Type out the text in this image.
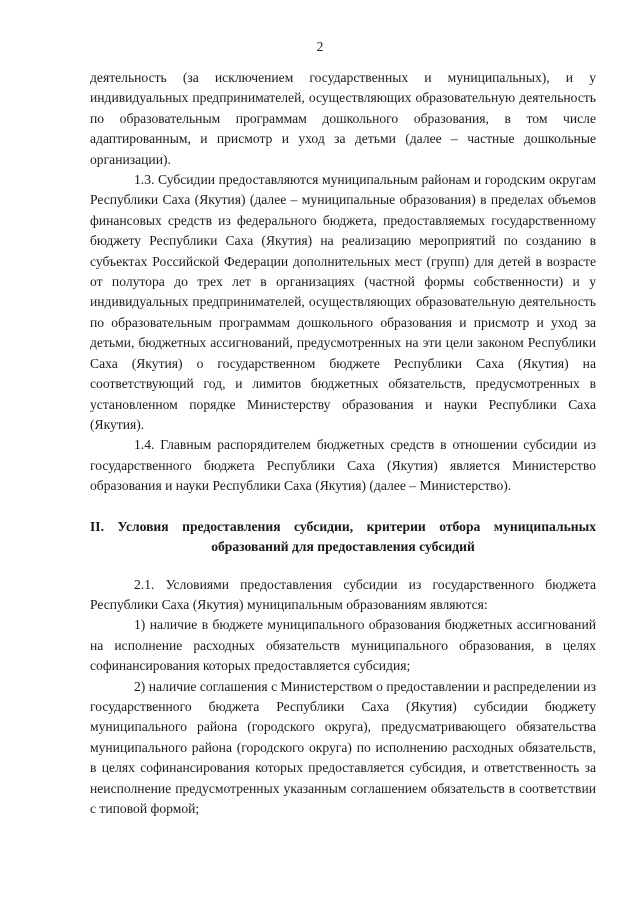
2

деятельность (за исключением государственных и муниципальных), и у индивидуальных предпринимателей, осуществляющих образовательную деятельность по образовательным программам дошкольного образования, в том числе адаптированным, и присмотр и уход за детьми (далее – частные дошкольные организации).

1.3. Субсидии предоставляются муниципальным районам и городским округам Республики Саха (Якутия) (далее – муниципальные образования) в пределах объемов финансовых средств из федерального бюджета, предоставляемых государственному бюджету Республики Саха (Якутия) на реализацию мероприятий по созданию в субъектах Российской Федерации дополнительных мест (групп) для детей в возрасте от полутора до трех лет в организациях (частной формы собственности) и у индивидуальных предпринимателей, осуществляющих образовательную деятельность по образовательным программам дошкольного образования и присмотр и уход за детьми, бюджетных ассигнований, предусмотренных на эти цели законом Республики Саха (Якутия) о государственном бюджете Республики Саха (Якутия) на соответствующий год, и лимитов бюджетных обязательств, предусмотренных в установленном порядке Министерству образования и науки Республики Саха (Якутия).

1.4. Главным распорядителем бюджетных средств в отношении субсидии из государственного бюджета Республики Саха (Якутия) является Министерство образования и науки Республики Саха (Якутия) (далее – Министерство).

II. Условия предоставления субсидии, критерии отбора муниципальных
образований для предоставления субсидий

2.1. Условиями предоставления субсидии из государственного бюджета Республики Саха (Якутия) муниципальным образованиям являются:

1) наличие в бюджете муниципального образования бюджетных ассигнований на исполнение расходных обязательств муниципального образования, в целях софинансирования которых предоставляется субсидия;

2) наличие соглашения с Министерством о предоставлении и распределении из государственного бюджета Республики Саха (Якутия) субсидии бюджету муниципального района (городского округа), предусматривающего обязательства муниципального района (городского округа) по исполнению расходных обязательств, в целях софинансирования которых предоставляется субсидия, и ответственность за неисполнение предусмотренных указанным соглашением обязательств в соответствии с типовой формой;
